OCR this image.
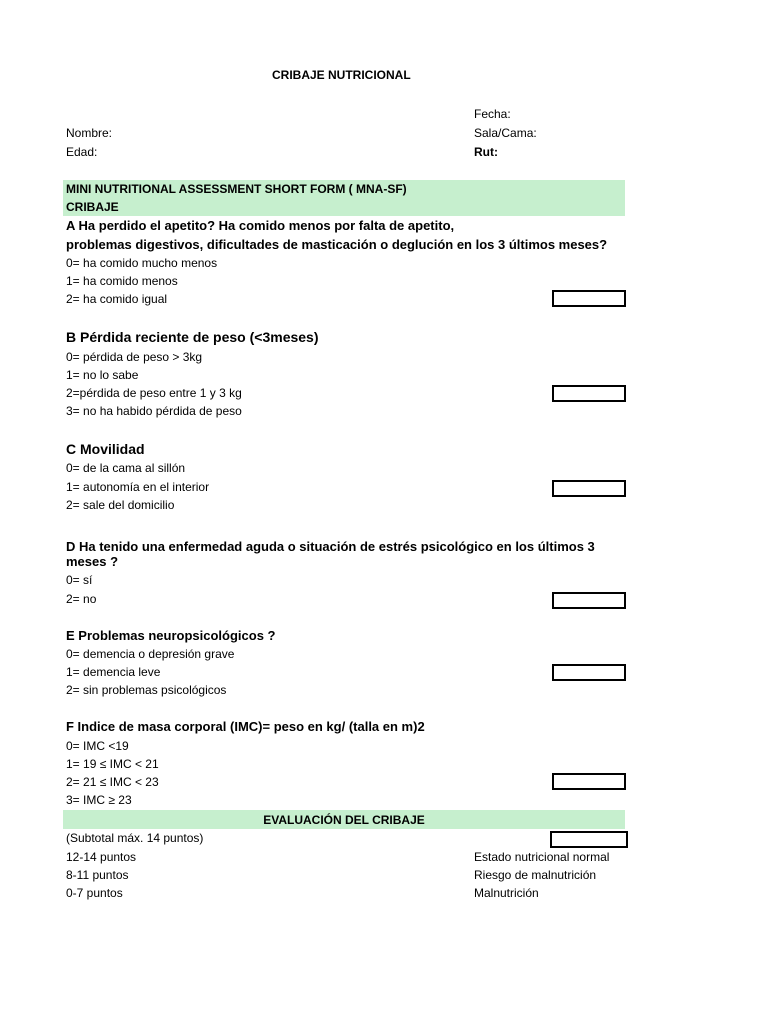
CRIBAJE NUTRICIONAL
Fecha:
Nombre:	Sala/Cama:
Edad:	Rut:
MINI NUTRITIONAL ASSESSMENT SHORT FORM ( MNA-SF)
CRIBAJE
A Ha perdido el apetito? Ha comido menos por falta de apetito,
problemas digestivos, dificultades de masticación o deglución en los 3 últimos meses?
0= ha comido mucho menos
1= ha comido menos
2= ha comido igual
B Pérdida reciente de peso (<3meses)
0= pérdida de peso > 3kg
1= no lo sabe
2=pérdida de peso entre 1 y 3 kg
3= no ha habido pérdida de peso
C Movilidad
0= de la cama al sillón
1= autonomía en el interior
2= sale del domicilio
D Ha tenido una enfermedad aguda o situación de estrés psicológico en los últimos 3
meses ?
0= sí
2= no
E Problemas neuropsicológicos ?
0= demencia o depresión grave
1= demencia leve
2= sin problemas psicológicos
F Indice de masa corporal (IMC)= peso en kg/ (talla en m)2
0= IMC <19
1= 19 ≤ IMC < 21
2= 21 ≤ IMC < 23
3= IMC ≥ 23
EVALUACIÓN DEL CRIBAJE
(Subtotal máx. 14 puntos)
12-14 puntos	Estado nutricional normal
8-11 puntos	Riesgo de malnutrición
0-7 puntos	Malnutrición
